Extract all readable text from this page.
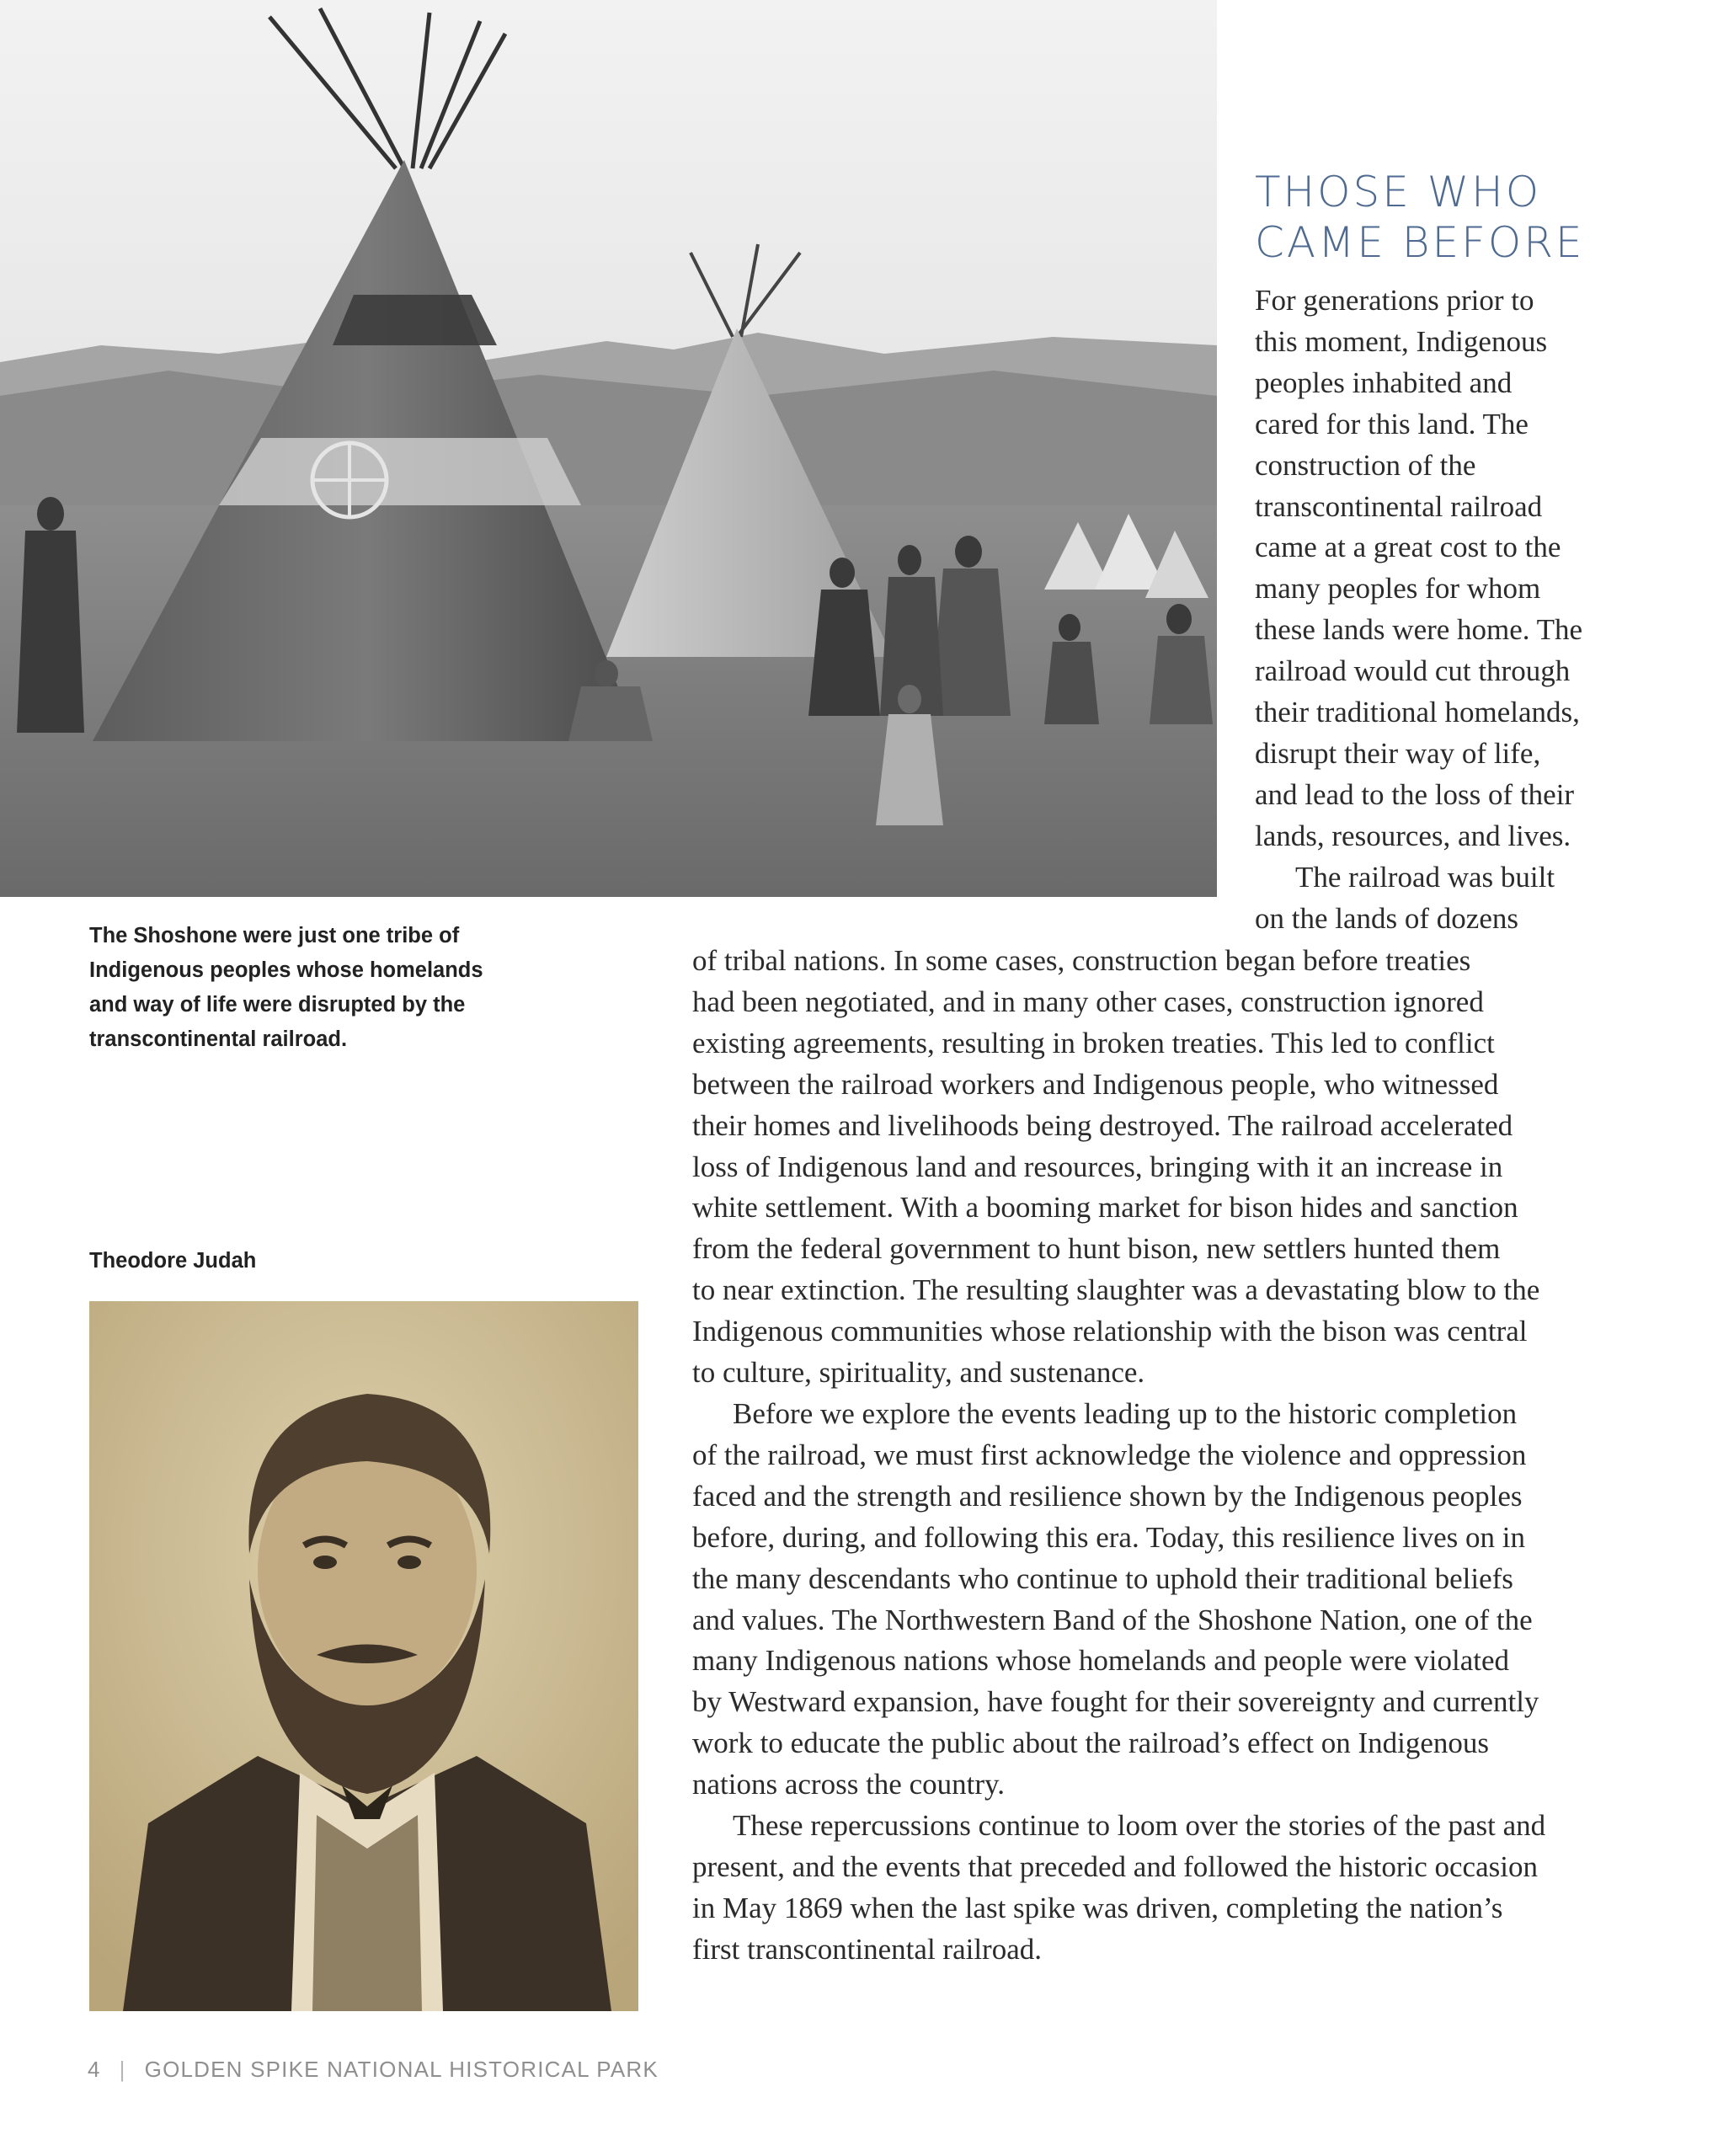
THOSE WHO
CAME BEFORE

For generations prior to
this moment, Indigenous
peoples inhabited and
cared for this land. The
construction of the
transcontinental railroad
came at a great cost to the
many peoples for whom
these lands were home. The
railroad would cut through
their traditional homelands,
disrupt their way of life,
and lead to the loss of their
lands, resources, and lives.

The railroad was built
on the lands of dozens

of tribal nations. In some cases, construction began before treaties
had been negotiated, and in many other cases, construction ignored
existing agreements, resulting in broken treaties. This led to conflict
between the railroad workers and Indigenous people, who witnessed
their homes and livelihoods being destroyed. The railroad accelerated
loss of Indigenous land and resources, bringing with it an increase in
white settlement. With a booming market for bison hides and sanction
from the federal government to hunt bison, new settlers hunted them
to near extinction. The resulting slaughter was a devastating blow to the
Indigenous communities whose relationship with the bison was central
to culture, spirituality, and sustenance.

Before we explore the events leading up to the historic completion
of the railroad, we must first acknowledge the violence and oppression
faced and the strength and resilience shown by the Indigenous peoples
before, during, and following this era. Today, this resilience lives on in
the many descendants who continue to uphold their traditional beliefs
and values. The Northwestern Band of the Shoshone Nation, one of the
many Indigenous nations whose homelands and people were violated
by Westward expansion, have fought for their sovereignty and currently
work to educate the public about the railroad’s effect on Indigenous
nations across the country.

These repercussions continue to loom over the stories of the past and
present, and the events that preceded and followed the historic occasion
in May 1869 when the last spike was driven, completing the nation’s
first transcontinental railroad.

The Shoshone were just one tribe of
Indigenous peoples whose homelands
and way of life were disrupted by the
transcontinental railroad.

Theodore Judah

4 | GOLDEN SPIKE NATIONAL HISTORICAL PARK
